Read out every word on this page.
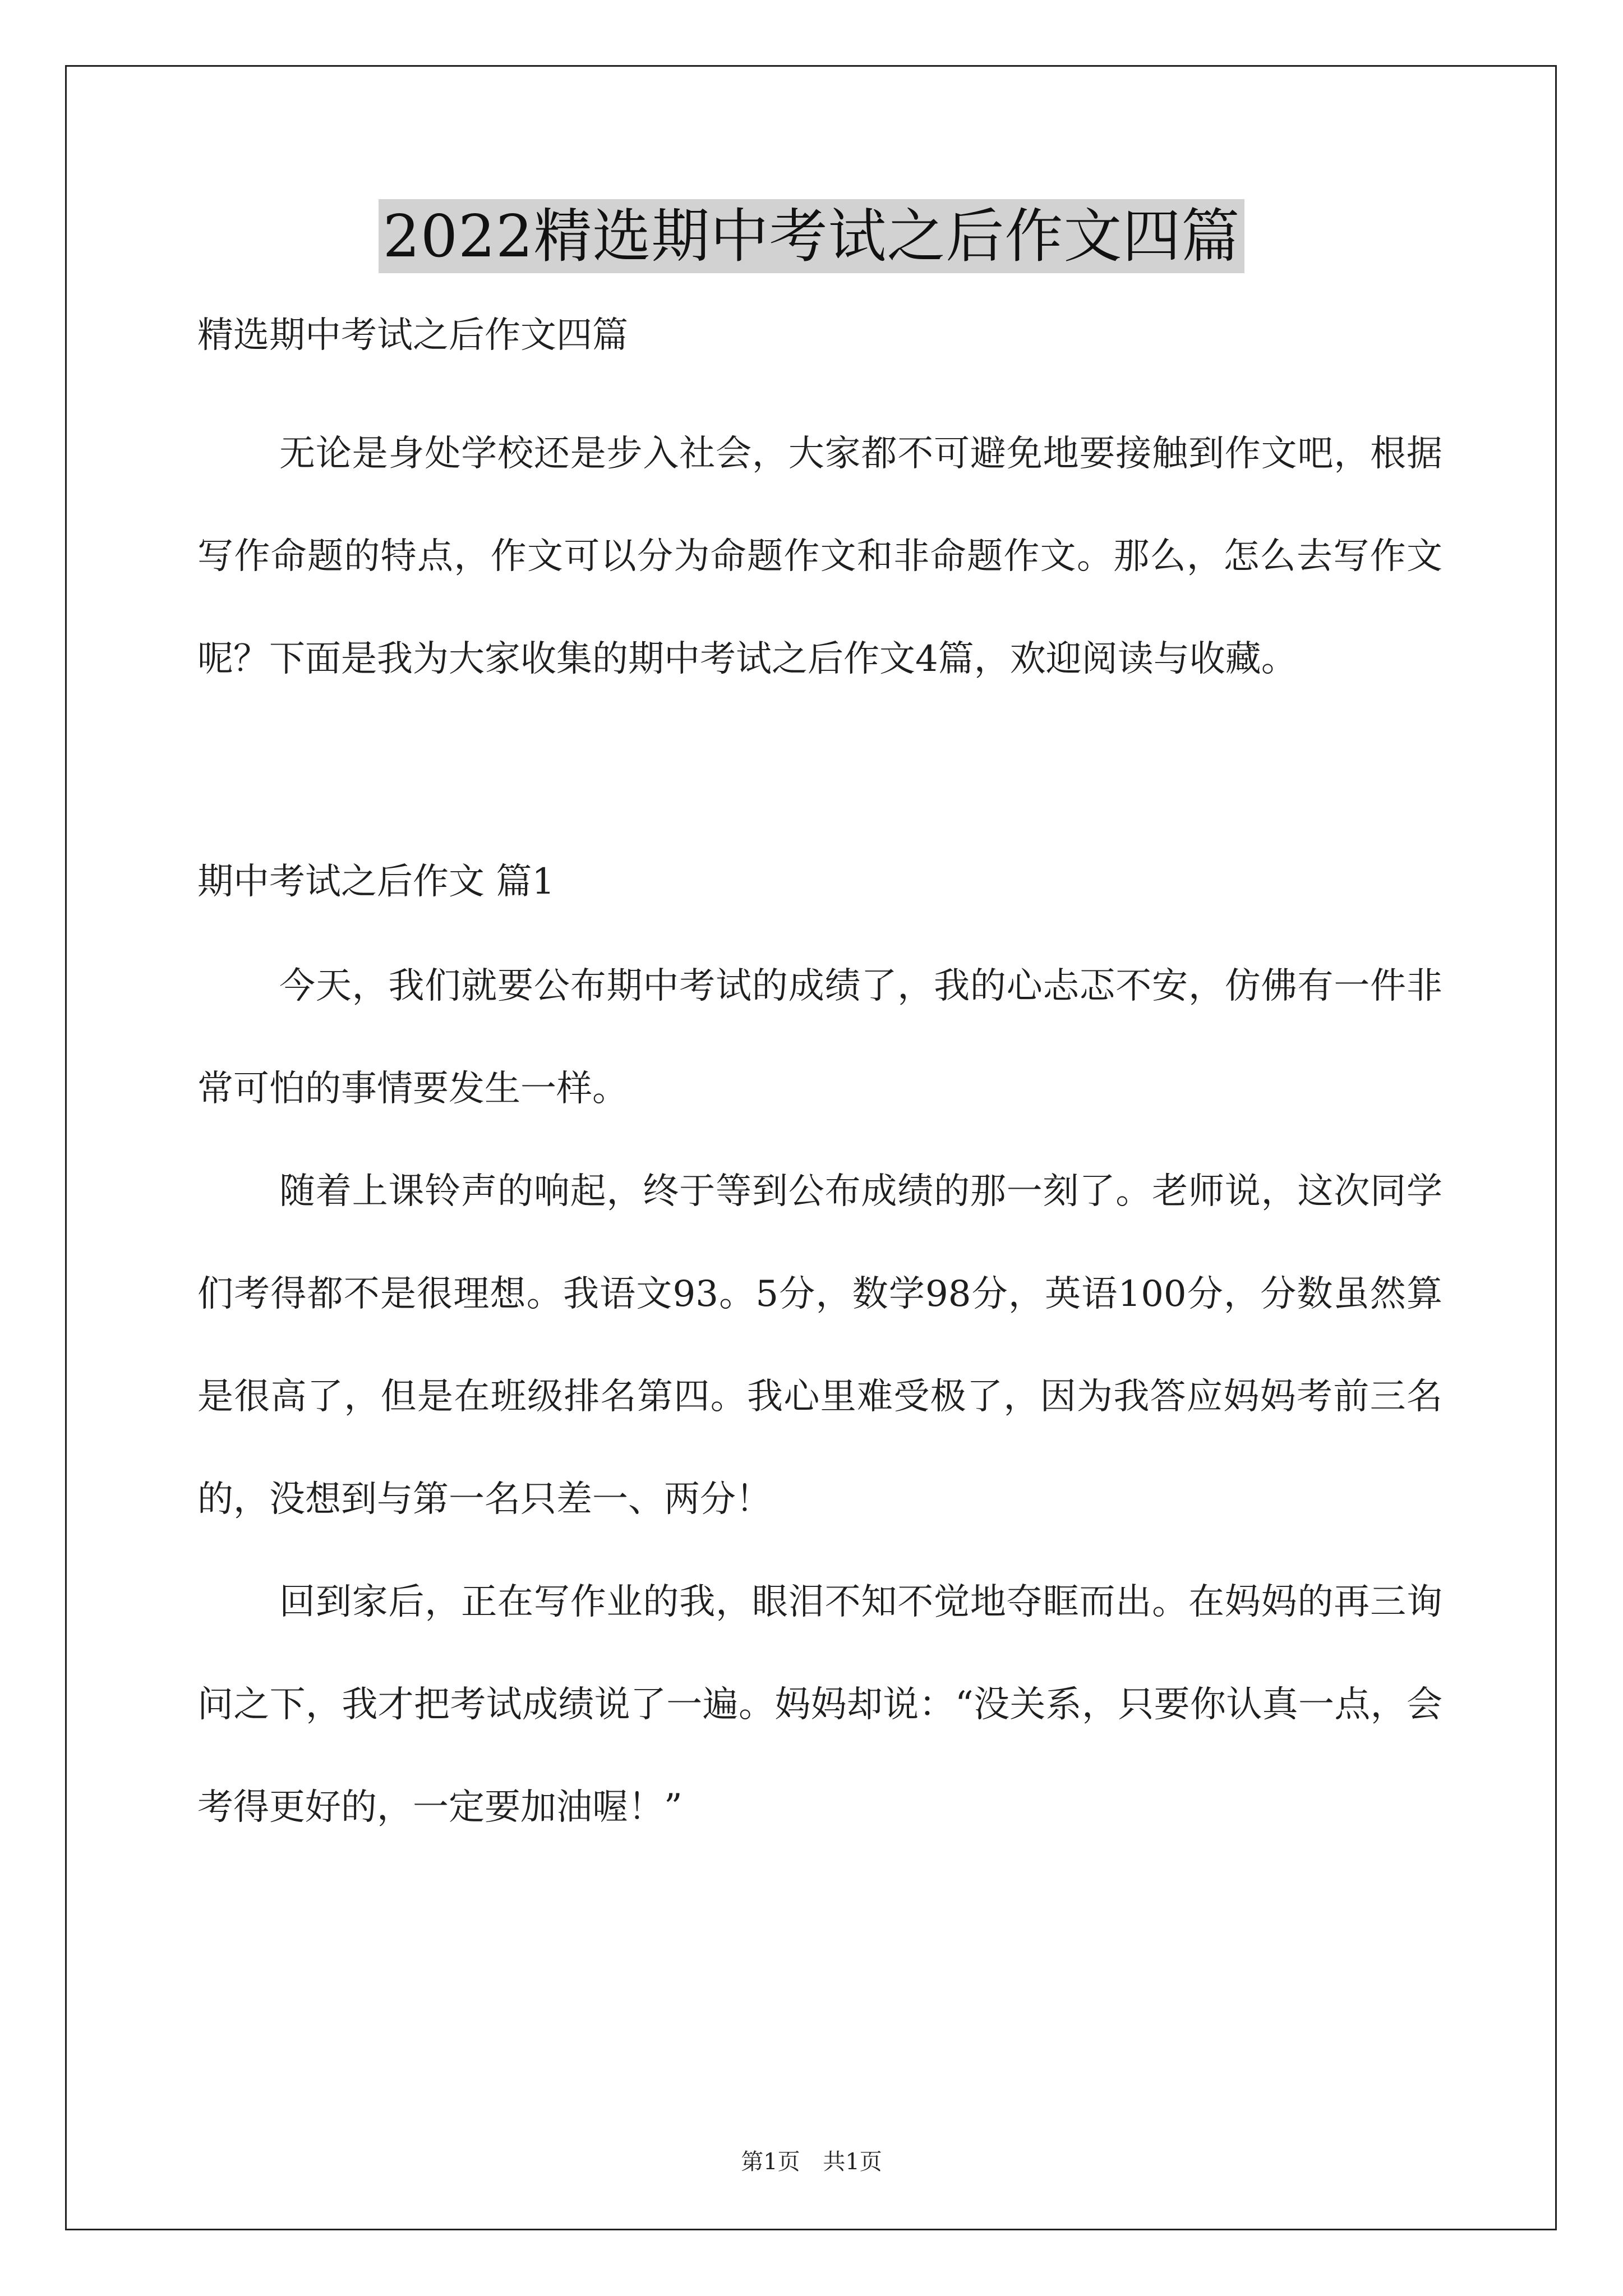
2022精选期中考试之后作文四篇

精选期中考试之后作文四篇

无论是身处学校还是步入社会，大家都不可避免地要接触到作文吧，根据写作命题的特点，作文可以分为命题作文和非命题作文。那么，怎么去写作文呢？下面是我为大家收集的期中考试之后作文4篇，欢迎阅读与收藏。

期中考试之后作文 篇1

今天，我们就要公布期中考试的成绩了，我的心忐忑不安，仿佛有一件非常可怕的事情要发生一样。

随着上课铃声的响起，终于等到公布成绩的那一刻了。老师说，这次同学们考得都不是很理想。我语文93。5分，数学98分，英语100分，分数虽然算是很高了，但是在班级排名第四。我心里难受极了，因为我答应妈妈考前三名的，没想到与第一名只差一、两分！

回到家后，正在写作业的我，眼泪不知不觉地夺眶而出。在妈妈的再三询问之下，我才把考试成绩说了一遍。妈妈却说：“没关系，只要你认真一点，会考得更好的，一定要加油喔！”

第1页 共1页
